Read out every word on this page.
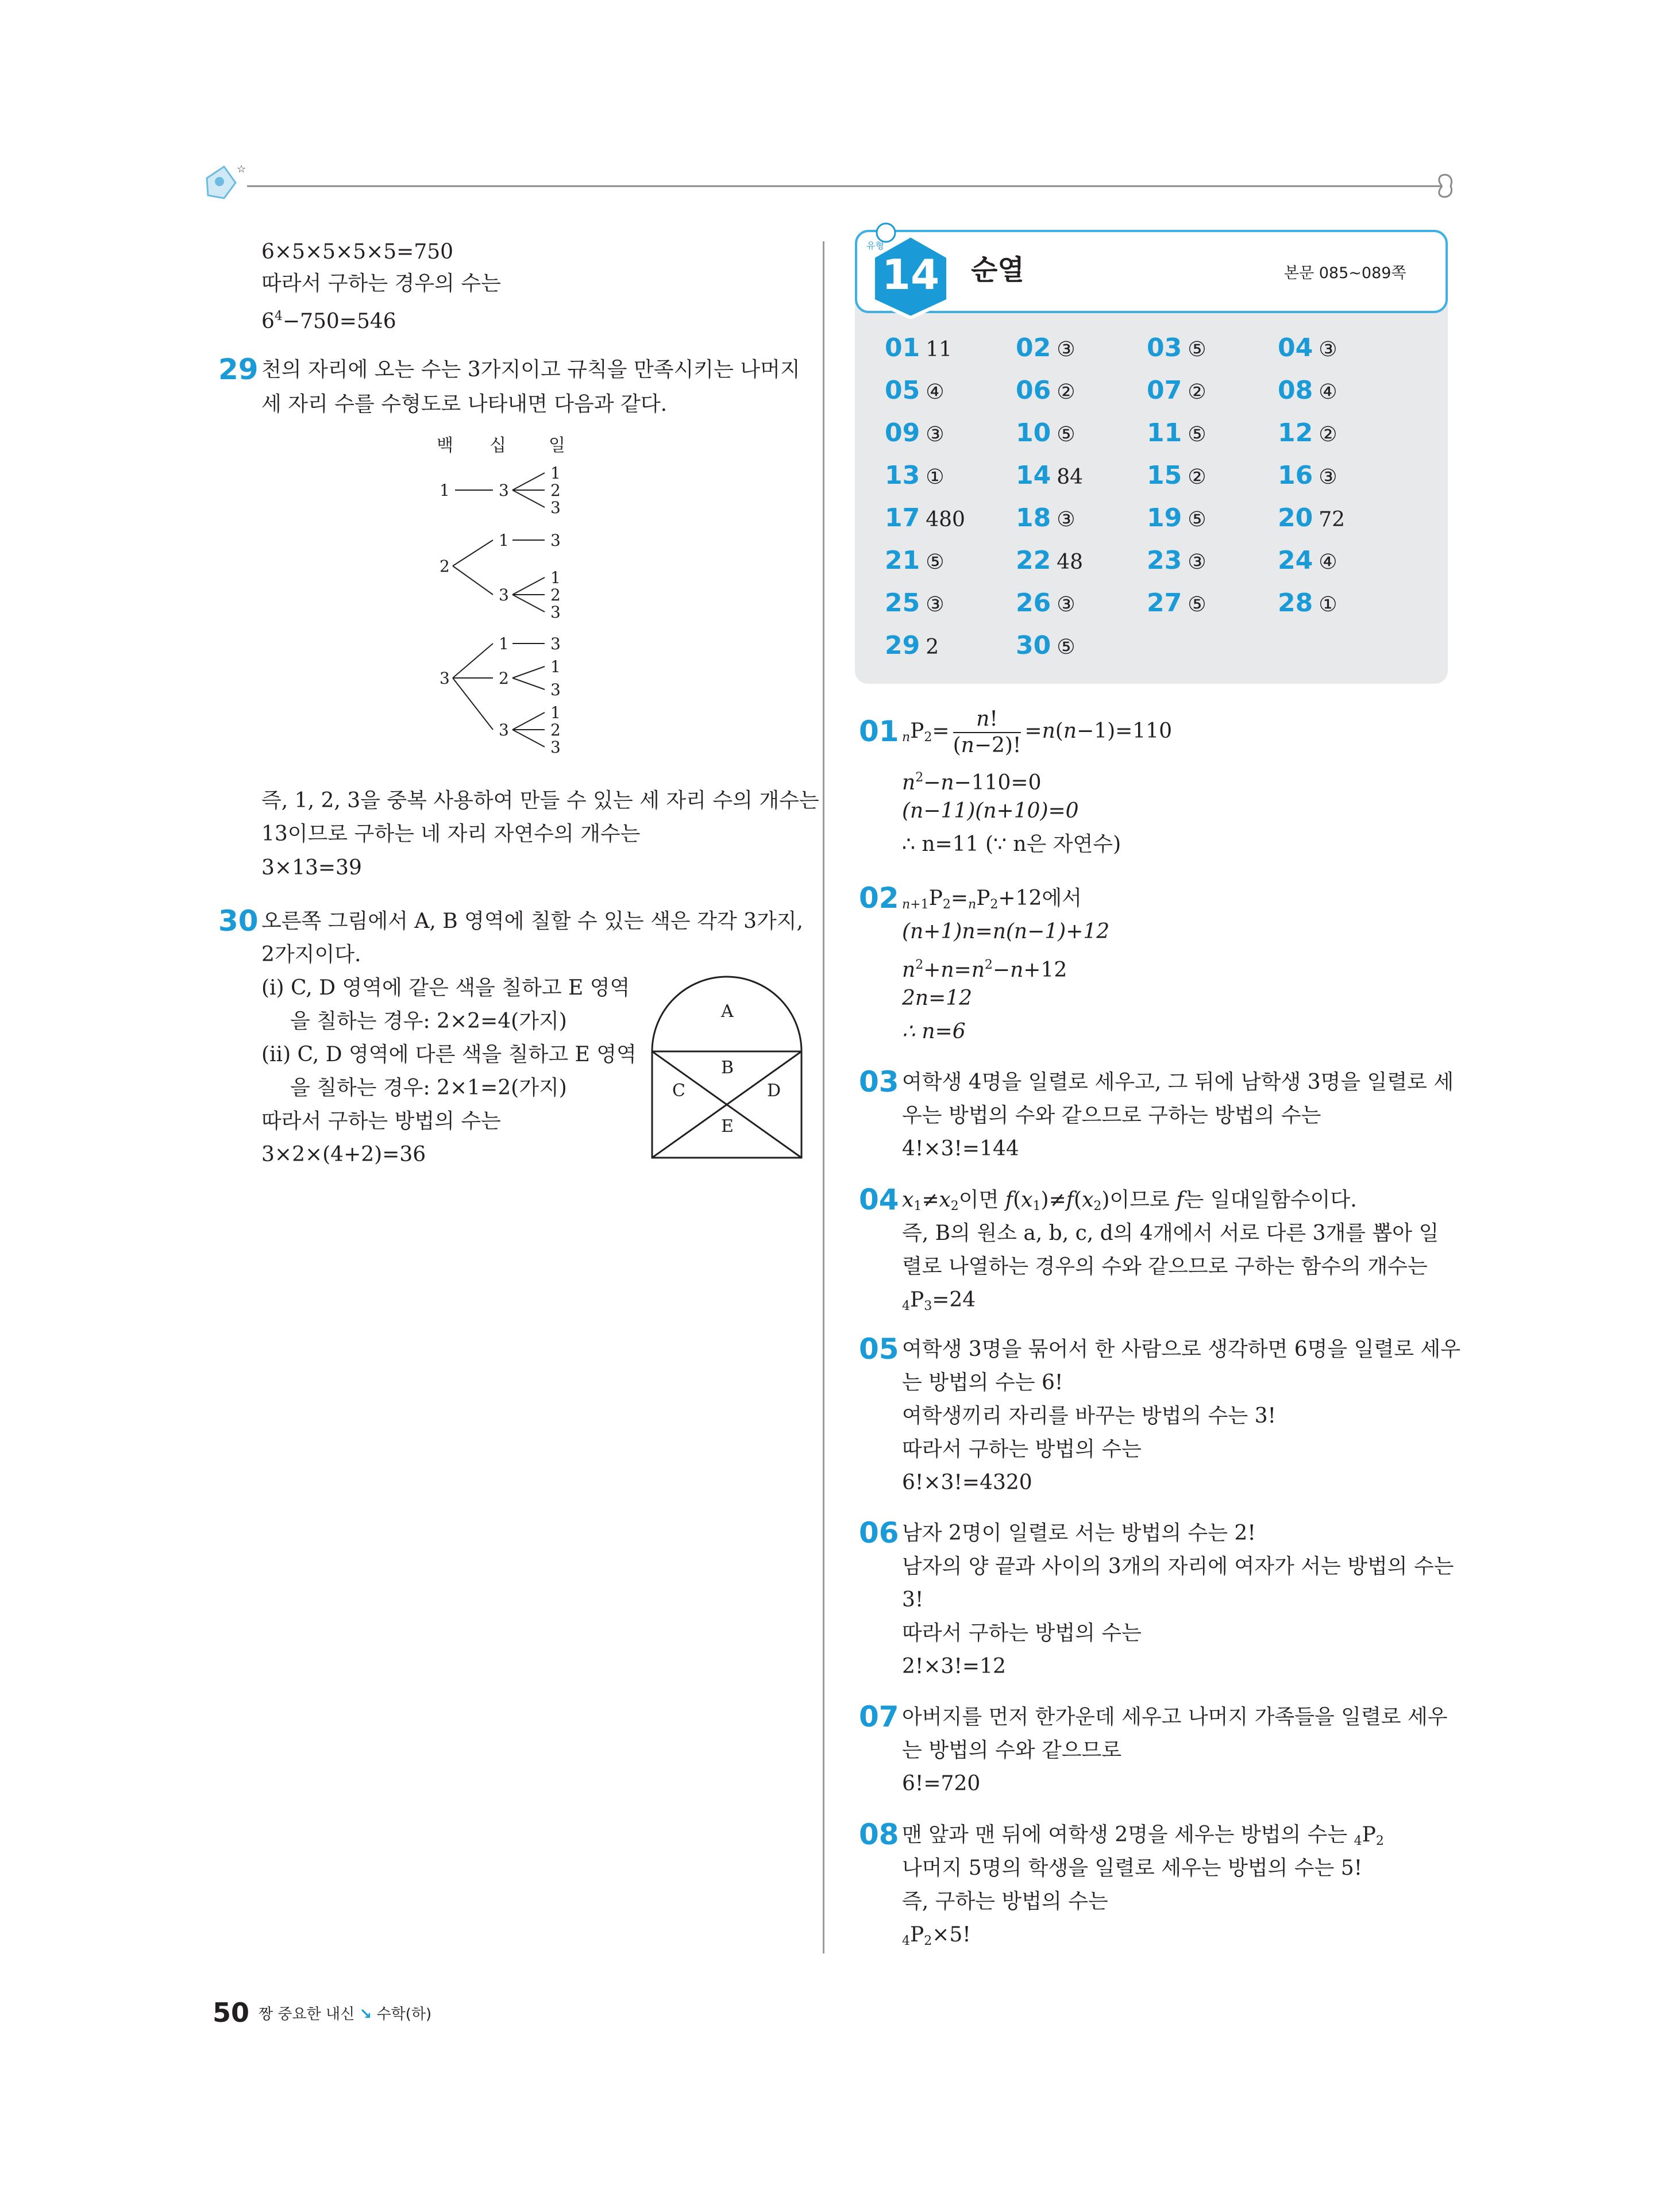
☆
6×5×5×5×5=750
따라서 구하는 경우의 수는
$6^4-750=546$
29 천의 자리에 오는 수는 3가지이고 규칙을 만족시키는 나머지
세 자리 수를 수형도로 나타내면 다음과 같다.
백 십 일
1	3
1
2
3
2
1	3
3
1
2
3
3
1	3
2
1
3
3
1
2
3
즉, 1, 2, 3을 중복 사용하여 만들 수 있는 세 자리 수의 개수는
13이므로 구하는 네 자리 자연수의 개수는
3×13=39
30 오른쪽 그림에서 A, B 영역에 칠할 수 있는 색은 각각 3가지,
2가지이다.
(ⅰ) C, D 영역에 같은 색을 칠하고 E 영역
을 칠하는 경우: 2×2=4(가지)
(ⅱ) C, D 영역에 다른 색을 칠하고 E 영역
을 칠하는 경우: 2×1=2(가지)
따라서 구하는 방법의 수는
3×2×(4+2)=36
A
B
C	D
E
유형
14 순열	본문 085~089쪽
01 11	02 ③	03 ⑤	04 ③
05 ④	06 ②	07 ②	08 ④
09 ③	10 ⑤	11 ⑤	12 ②
13 ①	14 84	15 ②	16 ③
17 480 18 ③	19 ⑤	20 72
21 ⑤	22 48	23 ③	24 ④
25 ③	26 ③	27 ⑤	28 ①
29 2	30 ⑤
01 $_nP_2= \frac{n!}{(n-2)!} =n(n-1)=110$
$n^2-n-110=0$
(n−11)(n+10)=0
∴ n=11 (∵ n은 자연수)
02 $_{n+1}P_2=_nP_2+12$에서
(n+1)n=n(n−1)+12
$n^2+n=n^2-n+12$
2n=12
∴ n=6
03 여학생 4명을 일렬로 세우고, 그 뒤에 남학생 3명을 일렬로 세
우는 방법의 수와 같으므로 구하는 방법의 수는
4!×3!=144
04 $x_1\ne x_2$이면 $f(x_1)\ne f(x_2)$이므로 f는 일대일함수이다.
즉, B의 원소 a, b, c, d의 4개에서 서로 다른 3개를 뽑아 일
렬로 나열하는 경우의 수와 같으므로 구하는 함수의 개수는
$_4P_3=24$
05 여학생 3명을 묶어서 한 사람으로 생각하면 6명을 일렬로 세우
는 방법의 수는 6!
여학생끼리 자리를 바꾸는 방법의 수는 3!
따라서 구하는 방법의 수는
6!×3!=4320
06 남자 2명이 일렬로 서는 방법의 수는 2!
남자의 양 끝과 사이의 3개의 자리에 여자가 서는 방법의 수는
3!
따라서 구하는 방법의 수는
2!×3!=12
07 아버지를 먼저 한가운데 세우고 나머지 가족들을 일렬로 세우
는 방법의 수와 같으므로
6!=720
08 맨 앞과 맨 뒤에 여학생 2명을 세우는 방법의 수는 $_4P_2$
나머지 5명의 학생을 일렬로 세우는 방법의 수는 5!
즉, 구하는 방법의 수는
$_4P_2\times 5$!
50 짱 중요한 내신 ↘ 수학(하)
